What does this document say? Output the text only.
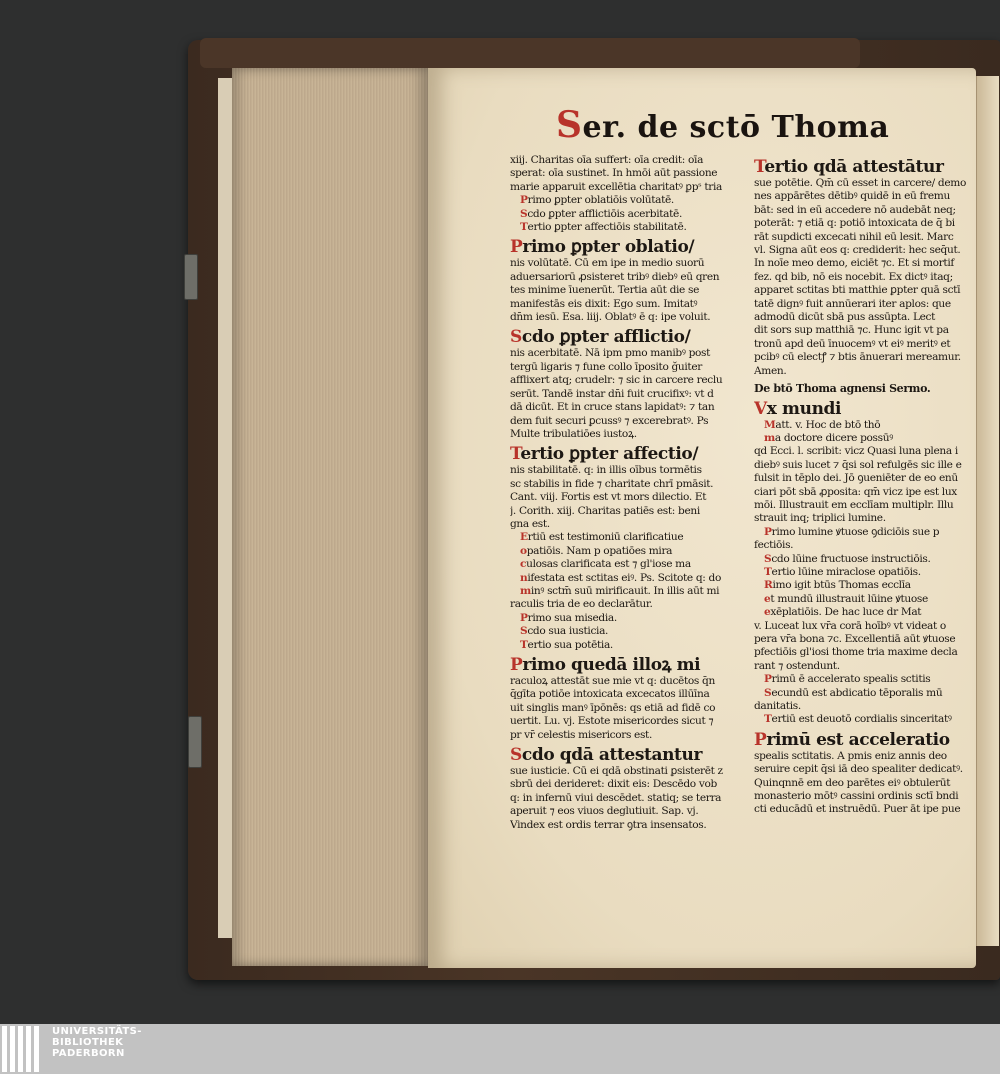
Ser. de sctō Thoma
xiij. Charitas oīa suffert: oīa credit: oīa
sperat: oīa sustinet. In hmōi aūt passione
marie apparuit excellētia charitatꝰ ꝑpˢ tria
Primo ꝑpter oblatiōis volūtatē.
Scdo ꝑpter afflictiōis acerbitatē.
Tertio ꝑpter affectiōis stabilitatē.
Primo ꝑpter oblatio/
nis volūtatē. Cū em ipe in medio suorū
aduersariorū ꝓsisteret tribꝰ diebꝰ eū qren
tes minime īuenerūt. Tertia aūt die se
manifestās eis dixit: Ego sum. Imitatꝰ
dn̄m iesū. Esa. liij. Oblatꝰ ē q: ipe voluit.
Scdo ꝑpter afflictio/
nis acerbitatē. Nā ipm pmo manibꝰ post
tergū ligaris ⁊ fune collo īposito ğuiter
afflixert atq; crudelr: ⁊ sic in carcere reclu
serūt. Tandē instar dn̄i fuit crucifixꝰ: vt d
dā dicūt. Et in cruce stans lapidatꝰ: ⁊ tan
dem fuit securi ꝑcussꝰ ⁊ excerebratꝰ. Ps
Multe tribulatiōes iustoꝝ.
Tertio ꝑpter affectio/
nis stabilitatē. q: in illis oībus tormētis
sc stabilis in fide ⁊ charitate chrī pmāsit.
Cant. viij. Fortis est vt mors dilectio. Et
j. Corith. xiij. Charitas patiēs est: beni
gna est.
Ertiū est testimoniū clarificatiue
opatiōis. Nam p opatiōes mira
culosas clarificata est ⁊ gl'iose ma
nifestata est sctitas eiꝰ. Ps. Scitote q: do
minꝰ sctm̄ suū mirificauit. In illis aūt mi
raculis tria de eo declarātur.
Primo sua misedia.
Scdo sua iusticia.
Tertio sua potētia.
Primo quedā illoꝝ mi
raculoꝝ attestāt sue mie vt q: ducētos q̄n
q̄gīta potiōe intoxicata excecatos illūīna
uit singlis manꝰ īpōnēs: qs etiā ad fidē co
uertit. Lu. vj. Estote misericordes sicut ⁊
pr vr̄ celestis misericors est.
Scdo qdā attestantur
sue iusticie. Cū ei qdā obstinati ꝑsisterēt z
sbrū dei derideret: dixit eis: Descēdo vob
q: in infernū viui descēdet. statiq; se terra
aperuit ⁊ eos viuos deglutiuit. Sap. vj.
Vindex est ordis terrar ꝯtra insensatos.
Tertio qdā attestātur
sue potētie. Qm̄ cū esset in carcere/ demo
nes appārētes dētibꝰ quidē in eū fremu
bāt: sed in eū accedere nō audebāt neq;
poterāt: ⁊ etiā q: potiō intoxicata de q̄ bi
rāt supdicti excecati nihil eū lesit. Marc
vl. Signa aūt eos q: crediderit: hec seq̄ut.
In noīe meo demo, eiciēt ⁊c. Et si mortif
fez. qd bib, nō eis nocebit. Ex dictꝰ itaq;
apparet sctitas bti matthie ꝑpter quā sctī
tatē dignꝰ fuit annūerari iter aplos: que
admodū dicūt sbā pus assūpta. Lect
dit sors sup matthiā ⁊c. Hunc igit vt pa
tronū apd deū īnuocemꝰ vt eiꝰ meritꝰ et
pcibꝰ cū electꝭ ⁊ btis ānuerari mereamur.
Amen.
De btō Thoma agnensi Sermo.
Vx mundi
Matt. v. Hoc de btō thō
ma doctore dicere possūꝰ
qd Ecci. l. scribit: vicz Quasi luna plena i
diebꝰ suis lucet ⁊ q̄si sol refulgēs sic ille e
fulsit in tēplo dei. Jō ꝯueniēter de eo enū
ciari pōt sbā ꝓposita: qm̄ vicz ipe est lux
mōi. Illustrauit em ecclīam multiplr. Illu
strauit inq; triplici lumine.
Primo lumine ꝟtuose ꝯdiciōis sue p
fectiōis.
Scdo lūine fructuose instructiōis.
Tertio lūine miraclose opatiōis.
Rimo igit btūs Thomas ecclīa
et mundū illustrauit lūine ꝟtuose
exēplatiōis. De hac luce dr Mat
v. Luceat lux vr̄a corā hoībꝰ vt videat o
pera vr̄a bona ⁊c. Excellentiā aūt ꝟtuose
pfectiōis gl'iosi thome tria maxime decla
rant ⁊ ostendunt.
Primū ē accelerato spealis sctitis
Secundū est abdicatio tēporalis mū
danitatis.
Tertiū est deuotō cordialis sinceritatꝰ
Primū est acceleratio
spealis sctitatis. A pmis eniz annis deo
seruire cepit q̄si iā deo spealiter dedicatꝰ.
Quinqnnē em deo parētes eiꝰ obtulerūt
monasterio mōtꝰ cassini ordinis sctī bndi
cti educādū et instruēdū. Puer āt ipe pue
UNIVERSITÄTS-
BIBLIOTHEK
PADERBORN
